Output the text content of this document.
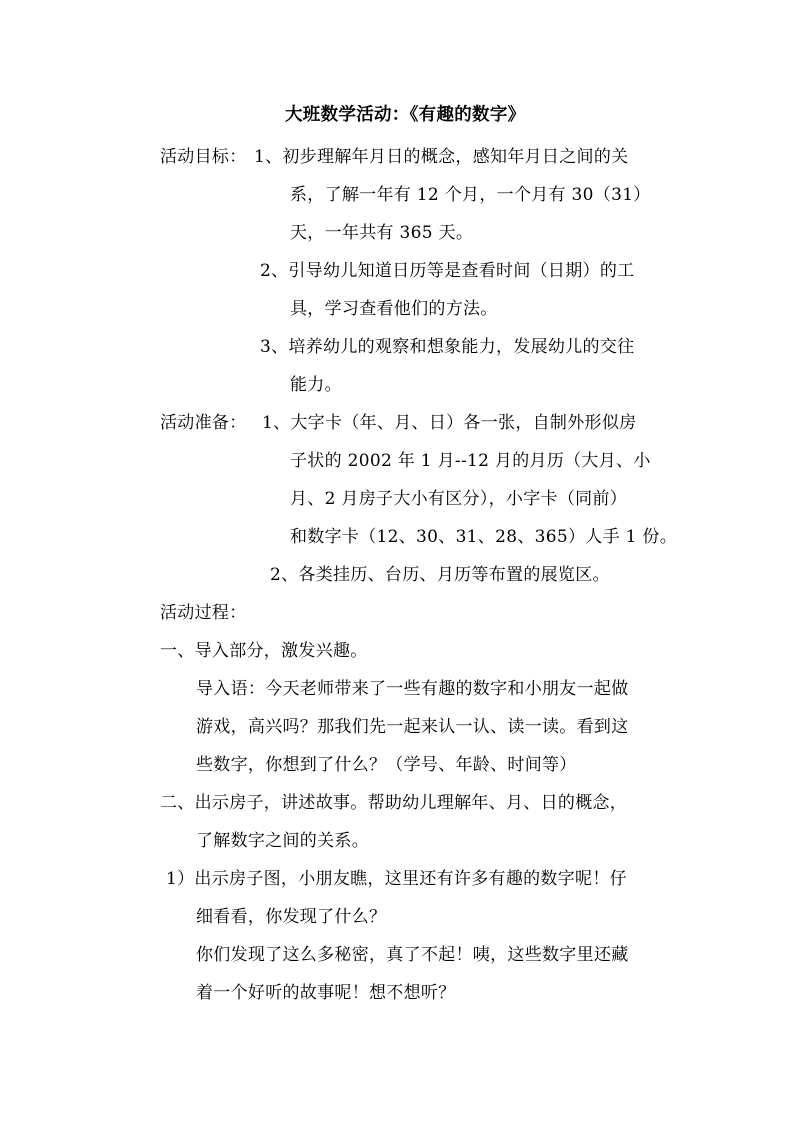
大班数学活动：《有趣的数字》
活动目标： 1、初步理解年月日的概念，感知年月日之间的关
系，了解一年有 12 个月，一个月有 30（31）
天，一年共有 365 天。
2、引导幼儿知道日历等是查看时间（日期）的工
具，学习查看他们的方法。
3、培养幼儿的观察和想象能力，发展幼儿的交往
能力。
活动准备： 1、大字卡（年、月、日）各一张，自制外形似房
子状的 2002 年 1 月--12 月的月历（大月、小
月、2 月房子大小有区分），小字卡（同前）
和数字卡（12、30、31、28、365）人手 1 份。
2、各类挂历、台历、月历等布置的展览区。
活动过程：
一、导入部分，激发兴趣。
导入语：今天老师带来了一些有趣的数字和小朋友一起做
游戏，高兴吗？那我们先一起来认一认、读一读。看到这
些数字，你想到了什么？（学号、年龄、时间等）
二、出示房子，讲述故事。帮助幼儿理解年、月、日的概念，
了解数字之间的关系。
1）出示房子图，小朋友瞧，这里还有许多有趣的数字呢！仔
细看看，你发现了什么？
你们发现了这么多秘密，真了不起！咦，这些数字里还藏
着一个好听的故事呢！想不想听？
